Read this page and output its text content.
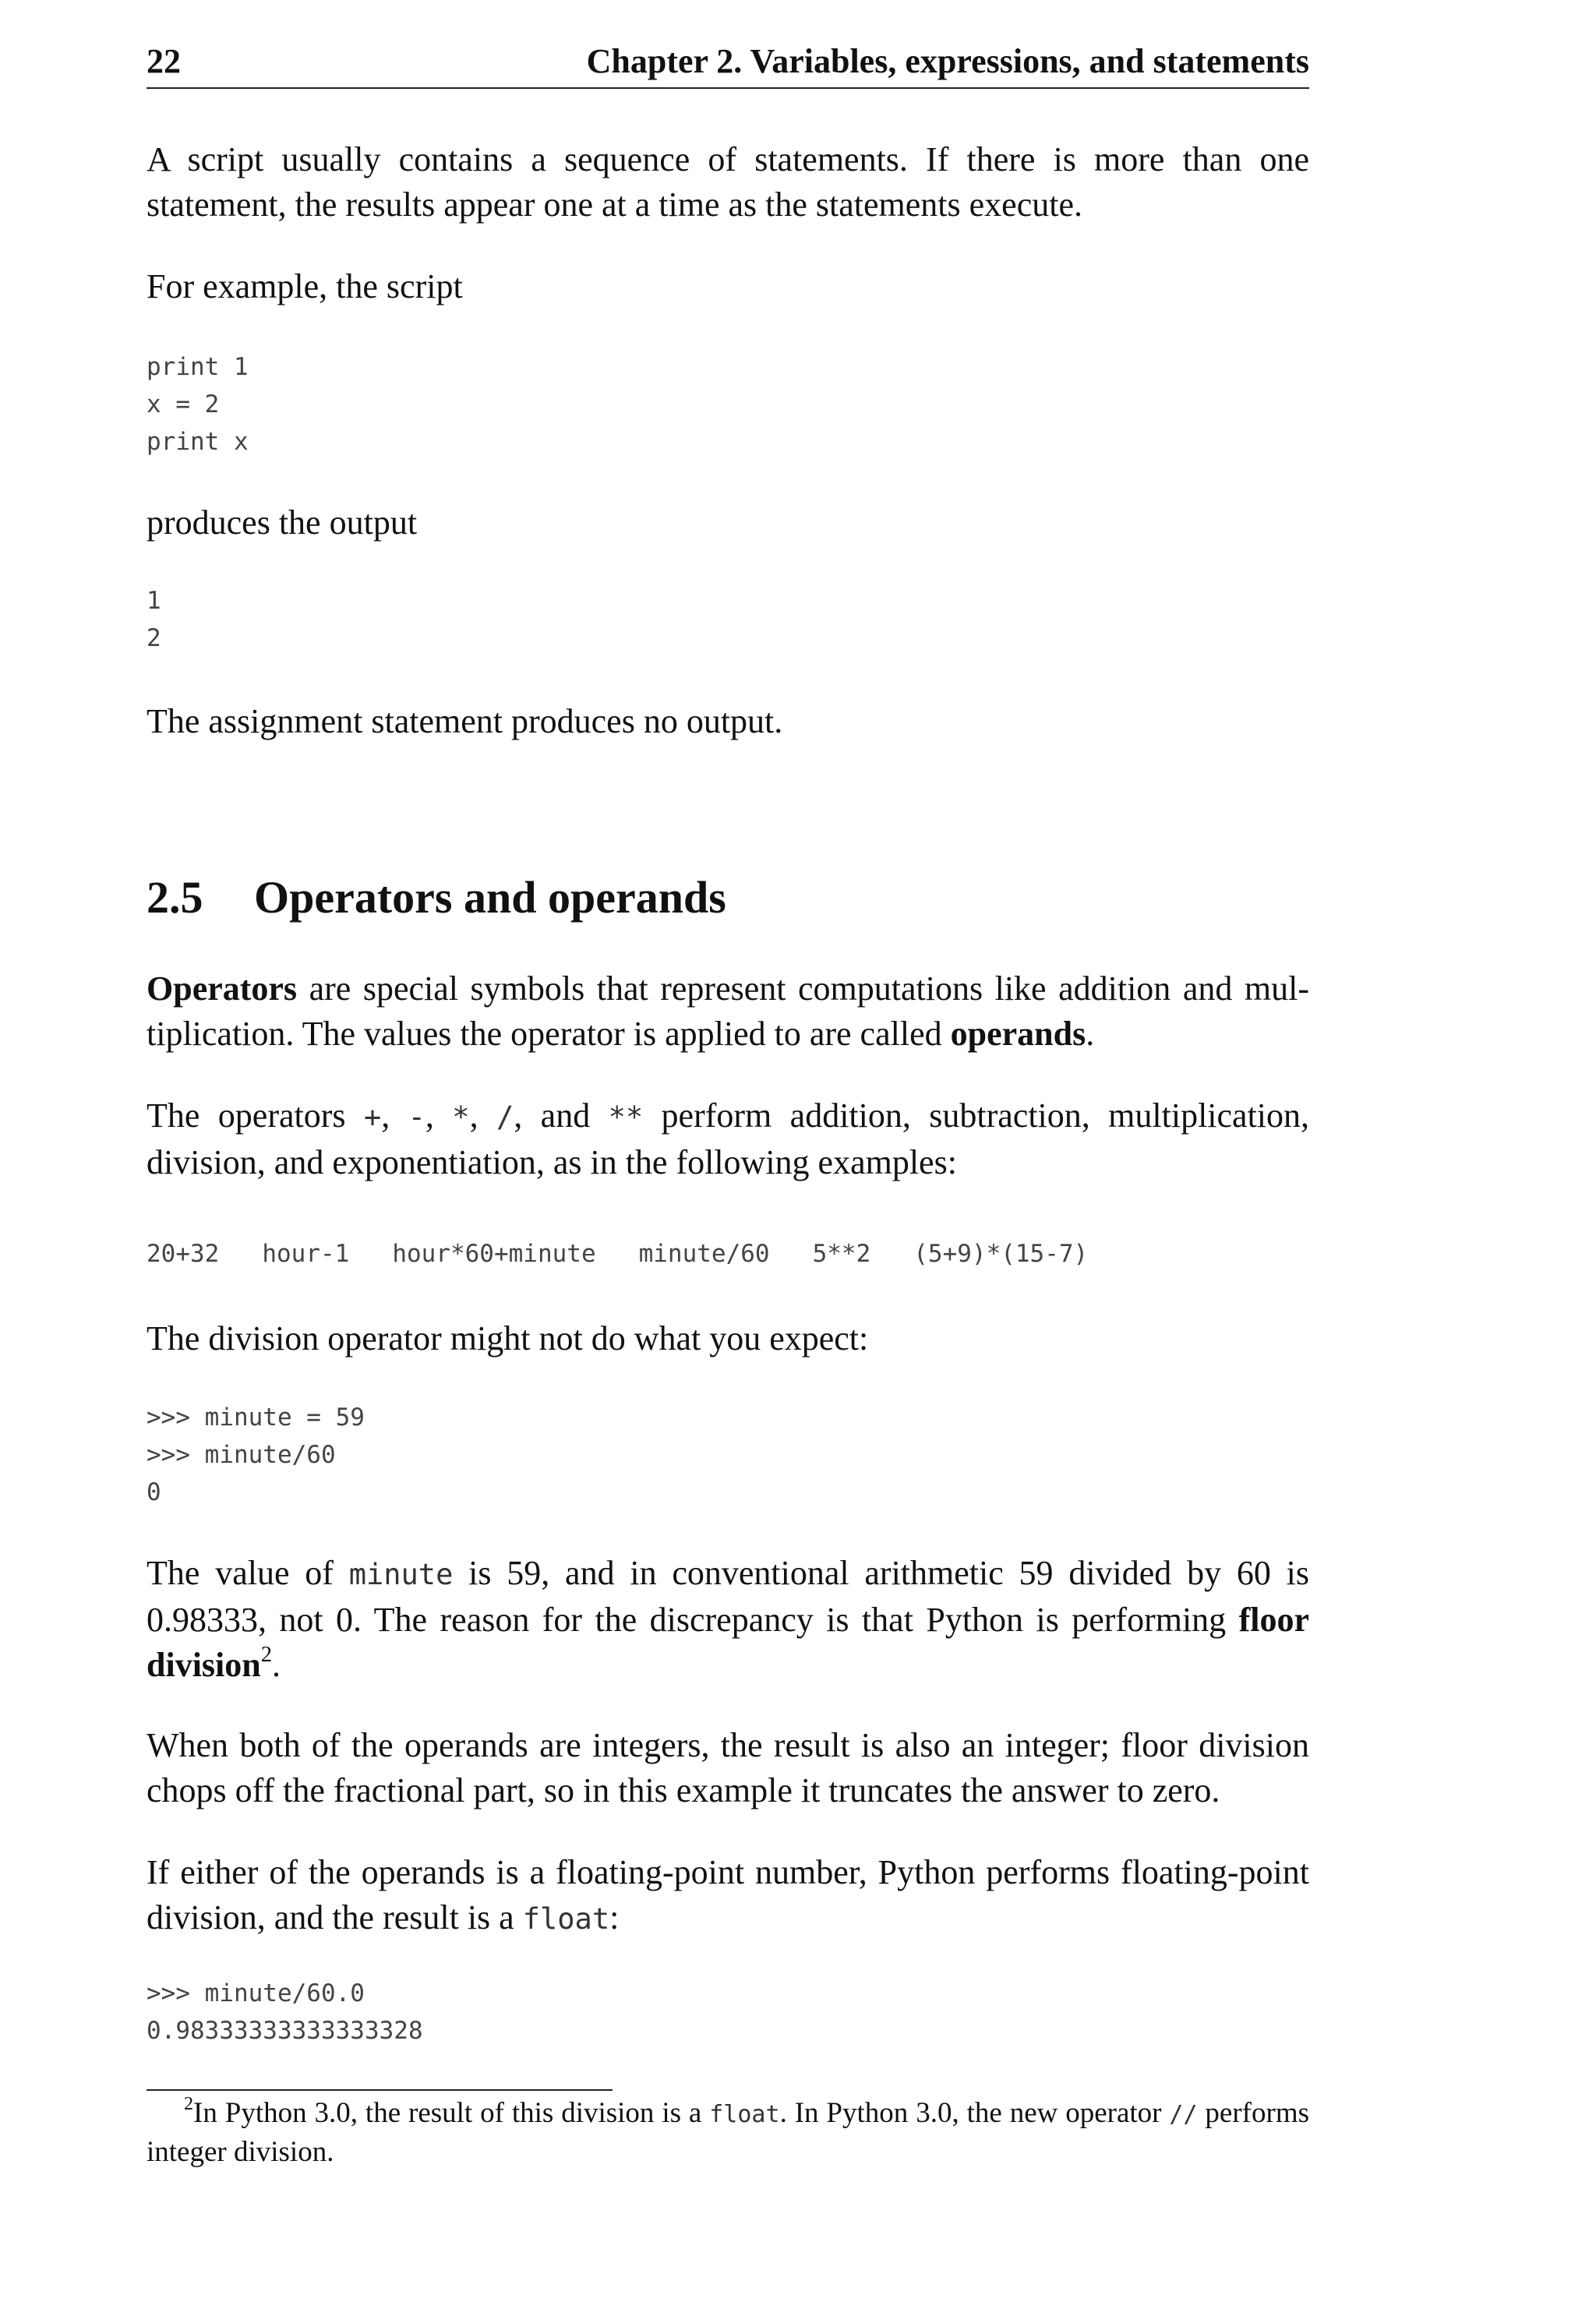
22	Chapter 2. Variables, expressions, and statements
A script usually contains a sequence of statements. If there is more than one
statement, the results appear one at a time as the statements execute.
For example, the script
print 1
x = 2
print x
produces the output
1
2
The assignment statement produces no output.
2.5 Operators and operands
Operators are special symbols that represent computations like addition and mul-
tiplication. The values the operator is applied to are called operands.
The operators +, -, *, /, and ** perform addition, subtraction, multiplication,
division, and exponentiation, as in the following examples:
20+32 hour-1 hour*60+minute minute/60 5**2 (5+9)*(15-7)
The division operator might not do what you expect:
>>> minute = 59
>>> minute/60
0
The value of minute is 59, and in conventional arithmetic 59 divided by 60 is
0.98333, not 0. The reason for the discrepancy is that Python is performing floor
division$^2$.
When both of the operands are integers, the result is also an integer; floor division
chops off the fractional part, so in this example it truncates the answer to zero.
If either of the operands is a floating-point number, Python performs floating-point
division, and the result is a float:
>>> minute/60.0
0.98333333333333328
$^2$In Python 3.0, the result of this division is a float. In Python 3.0, the new operator // performs
integer division.
